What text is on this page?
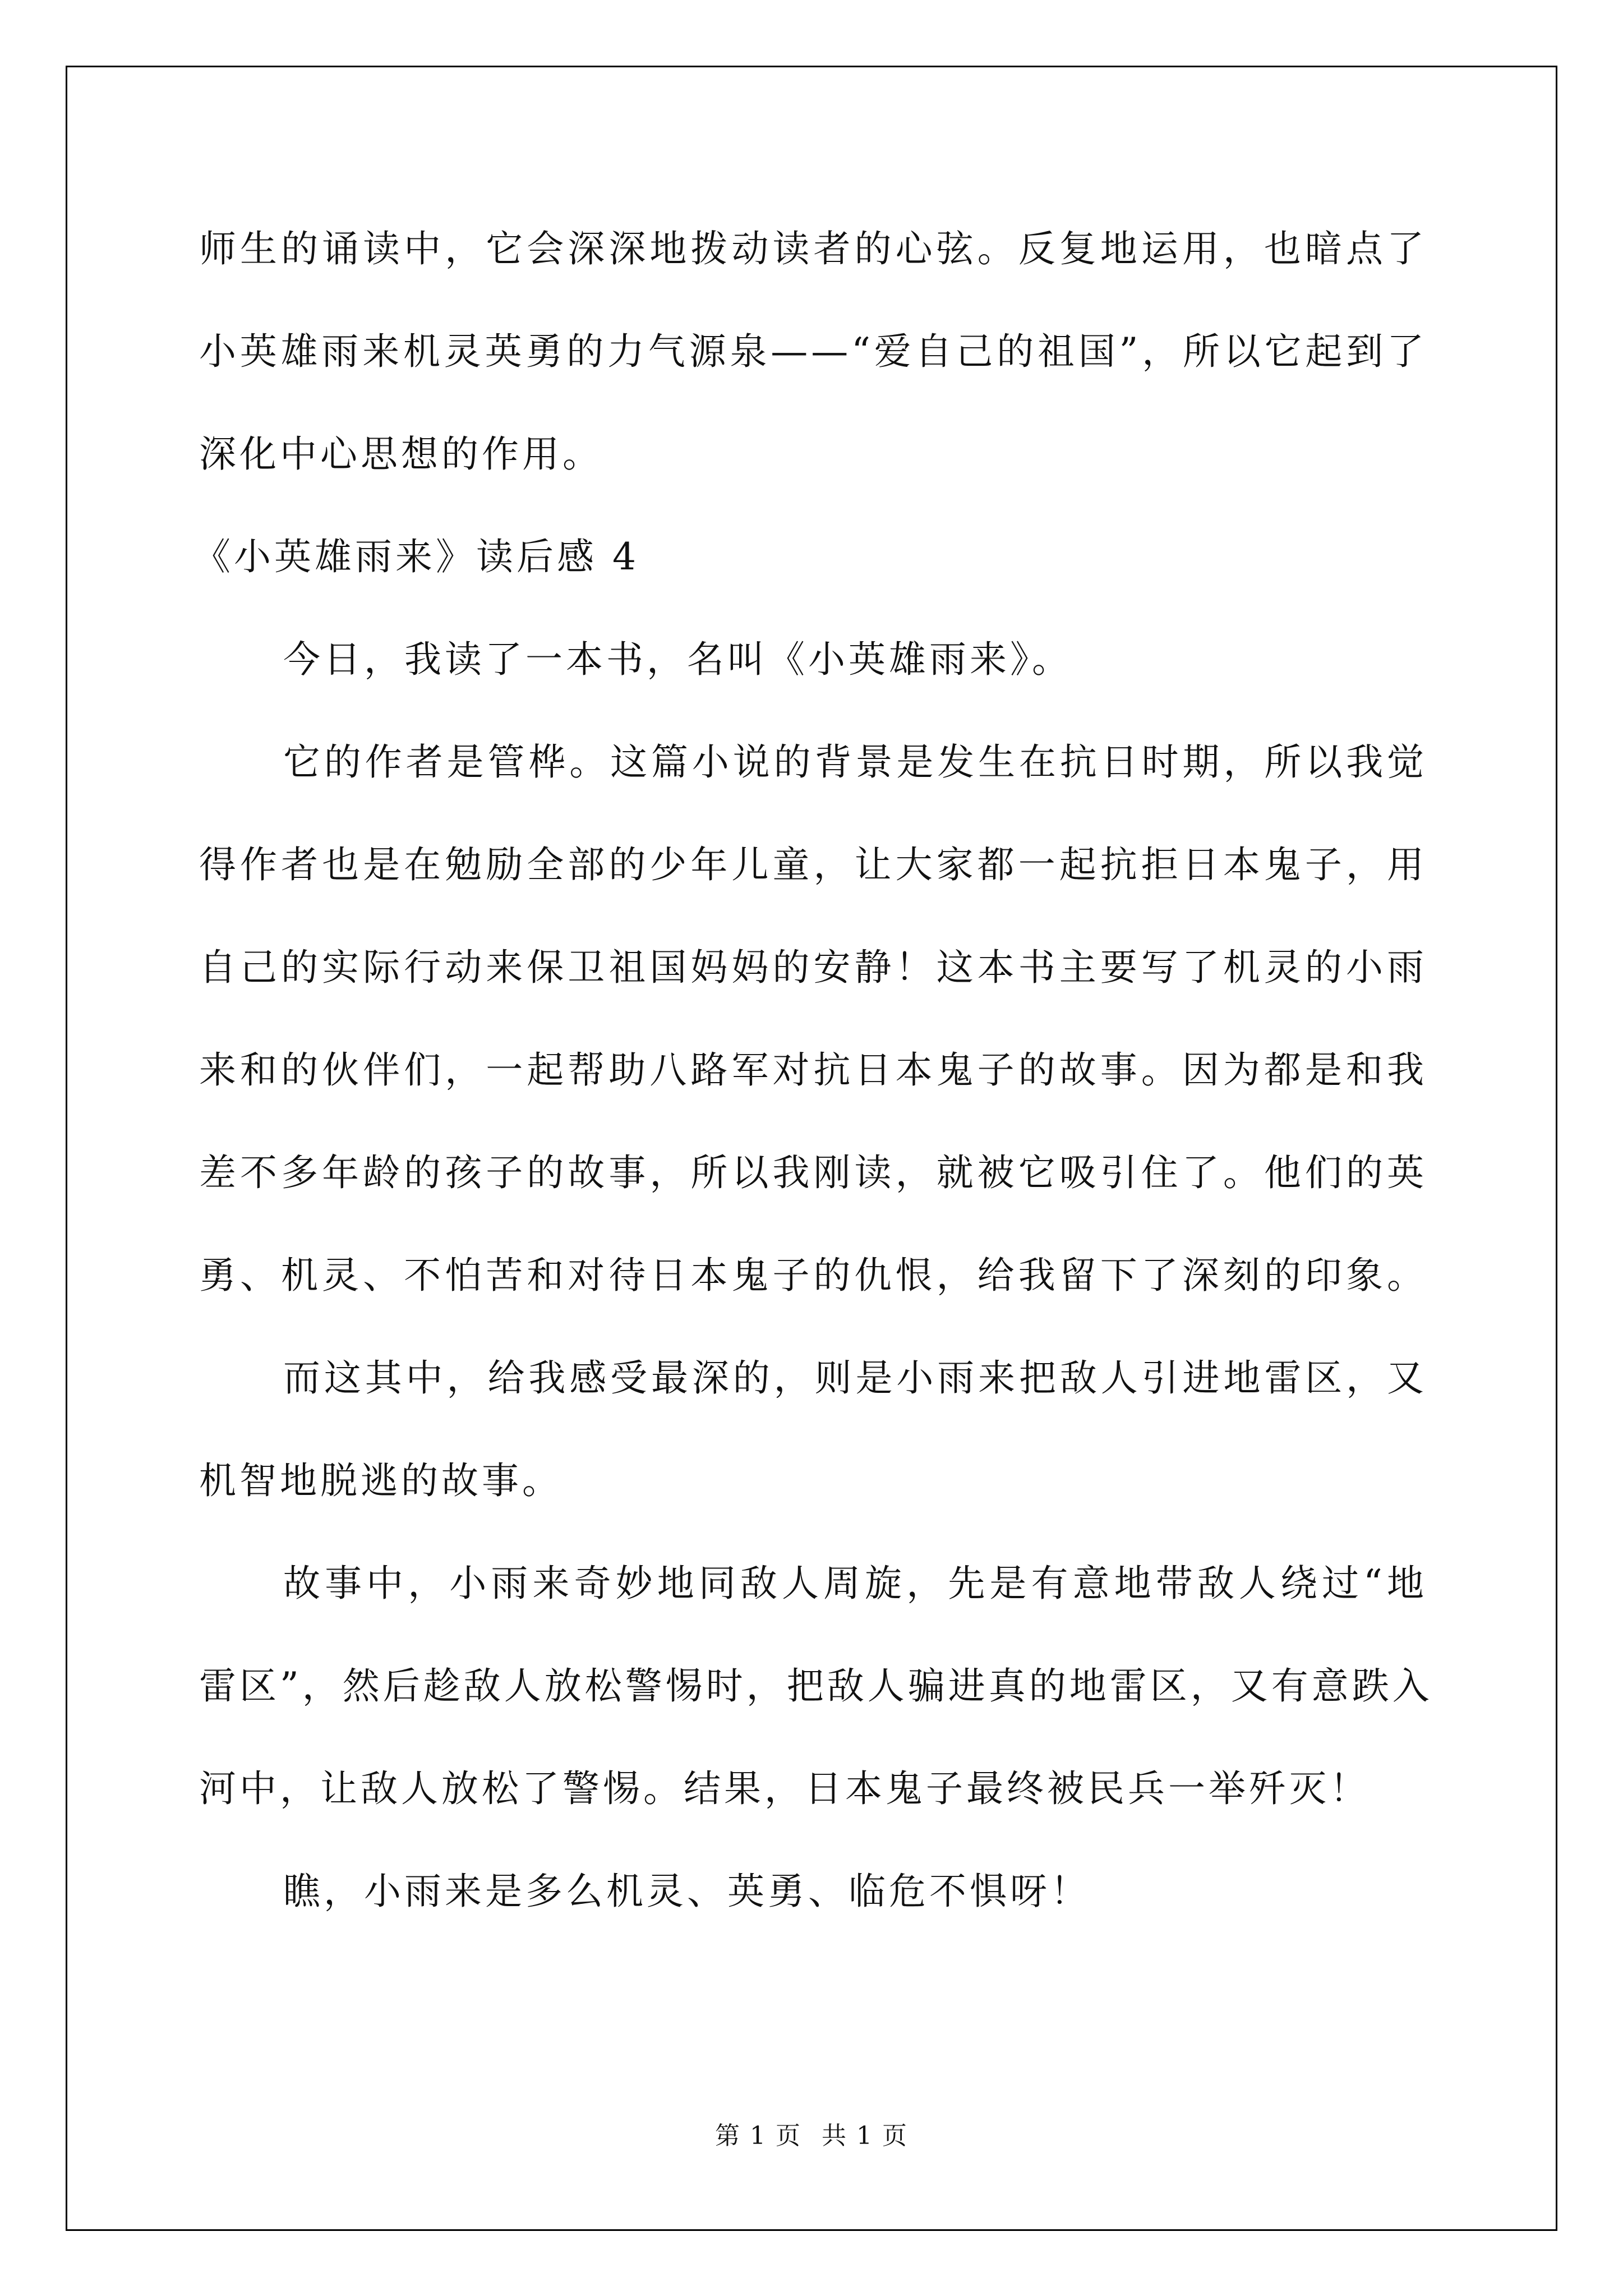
师生的诵读中，它会深深地拨动读者的心弦。反复地运用，也暗点了
小英雄雨来机灵英勇的力气源泉——“爱自己的祖国”，所以它起到了
深化中心思想的作用。
《小英雄雨来》读后感 4
今日，我读了一本书，名叫《小英雄雨来》。
它的作者是管桦。这篇小说的背景是发生在抗日时期，所以我觉
得作者也是在勉励全部的少年儿童，让大家都一起抗拒日本鬼子，用
自己的实际行动来保卫祖国妈妈的安静！这本书主要写了机灵的小雨
来和的伙伴们，一起帮助八路军对抗日本鬼子的故事。因为都是和我
差不多年龄的孩子的故事，所以我刚读，就被它吸引住了。他们的英
勇、机灵、不怕苦和对待日本鬼子的仇恨，给我留下了深刻的印象。
而这其中，给我感受最深的，则是小雨来把敌人引进地雷区，又
机智地脱逃的故事。
故事中，小雨来奇妙地同敌人周旋，先是有意地带敌人绕过“地
雷区”，然后趁敌人放松警惕时，把敌人骗进真的地雷区，又有意跌入
河中，让敌人放松了警惕。结果，日本鬼子最终被民兵一举歼灭！
瞧，小雨来是多么机灵、英勇、临危不惧呀！
第 1 页 共 1 页
